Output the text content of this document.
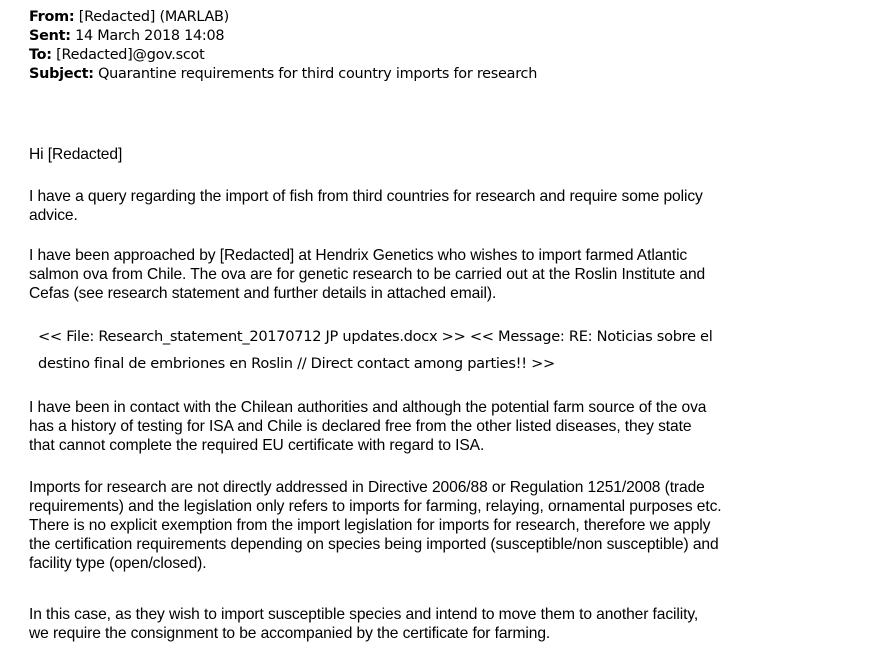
From: [Redacted] (MARLAB)
Sent: 14 March 2018 14:08
To: [Redacted]@gov.scot
Subject: Quarantine requirements for third country imports for research

Hi [Redacted]

I have a query regarding the import of fish from third countries for research and require some policy
advice.

I have been approached by [Redacted] at Hendrix Genetics who wishes to import farmed Atlantic
salmon ova from Chile. The ova are for genetic research to be carried out at the Roslin Institute and
Cefas (see research statement and further details in attached email).

<< File: Research_statement_20170712 JP updates.docx >> << Message: RE: Noticias sobre el
destino final de embriones en Roslin // Direct contact among parties!! >>

I have been in contact with the Chilean authorities and although the potential farm source of the ova
has a history of testing for ISA and Chile is declared free from the other listed diseases, they state
that cannot complete the required EU certificate with regard to ISA.

Imports for research are not directly addressed in Directive 2006/88 or Regulation 1251/2008 (trade
requirements) and the legislation only refers to imports for farming, relaying, ornamental purposes etc.
There is no explicit exemption from the import legislation for imports for research, therefore we apply
the certification requirements depending on species being imported (susceptible/non susceptible) and
facility type (open/closed).

In this case, as they wish to import susceptible species and intend to move them to another facility,
we require the consignment to be accompanied by the certificate for farming.
